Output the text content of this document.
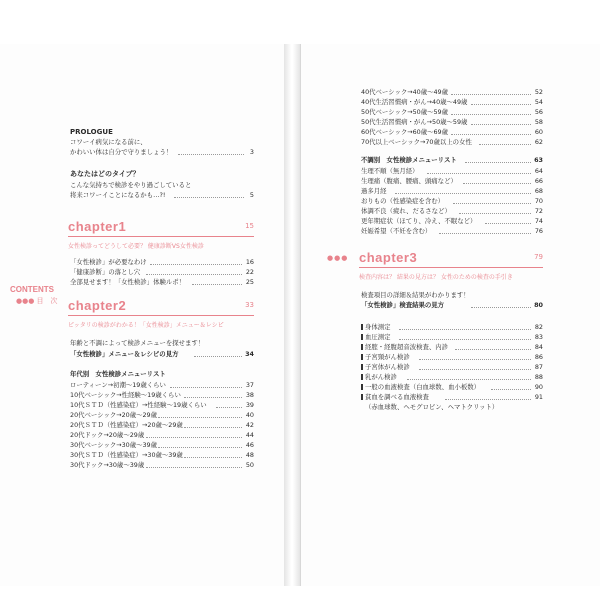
CONTENTS
●●● 目　次
PROLOGUE
コワーイ病気になる前に、
かわいい体は自分で守りましょう！	3
あなたはどのタイプ？
こんな気持ちで検診をやり過ごしていると
将来コワーイことになるかも…?!	5
chapter1	15
女性検診ってどうして必要？ 健康診断VS女性検診
「女性検診」が必要なわけ	16
「健康診断」の落とし穴	22
全部見せます！「女性検診」体験ルポ！	25
chapter2	33
ピッタリの検診がわかる！「女性検診」メニュー＆レシピ
年齢と不調によって検診メニューを探せます！
「女性検診」メニュー＆レシピの見方	34
年代別　女性検診メニューリスト
ローティーン→初潮～19歳くらい	37
10代ベーシック→性経験～19歳くらい	38
10代ＳＴＤ（性感染症）→性経験～19歳くらい	39
20代ベーシック→20歳～29歳	40
20代ＳＴＤ（性感染症）→20歳～29歳	42
20代ドック→20歳～29歳	44
30代ベーシック→30歳～39歳	46
30代ＳＴＤ（性感染症）→30歳～39歳	48
30代ドック→30歳～39歳	50
40代ベーシック→40歳～49歳	52
40代生活習慣病・がん→40歳～49歳	54
50代ベーシック→50歳～59歳	56
50代生活習慣病・がん→50歳～59歳	58
60代ベーシック→60歳～69歳	60
70代以上ベーシック→70歳以上の女性	62
不調別　女性検診メニューリスト	63
生理不順（無月経）	64
生理痛（腹痛、腰痛、頭痛など）	66
過多月経	68
おりもの（性感染症を含む）	70
体調不良（疲れ、だるさなど）	72
更年期症状（ほてり、冷え、不眠など）	74
妊娠希望（不妊を含む）	76
●●● chapter3	79
検査内容は？ 結果の見方は？ 女性のための検査の手引き
検査項目の詳細＆結果がわかります！
「女性検診」検査結果の見方	80
身体測定	82
血圧測定	83
経腟・経腹超音波検査、内診	84
子宮頸がん検診	86
子宮体がん検診	87
乳がん検診	88
一般の血液検査（白血球数、血小板数）	90
貧血を調べる血液検査	91
（赤血球数、ヘモグロビン、ヘマトクリット）
